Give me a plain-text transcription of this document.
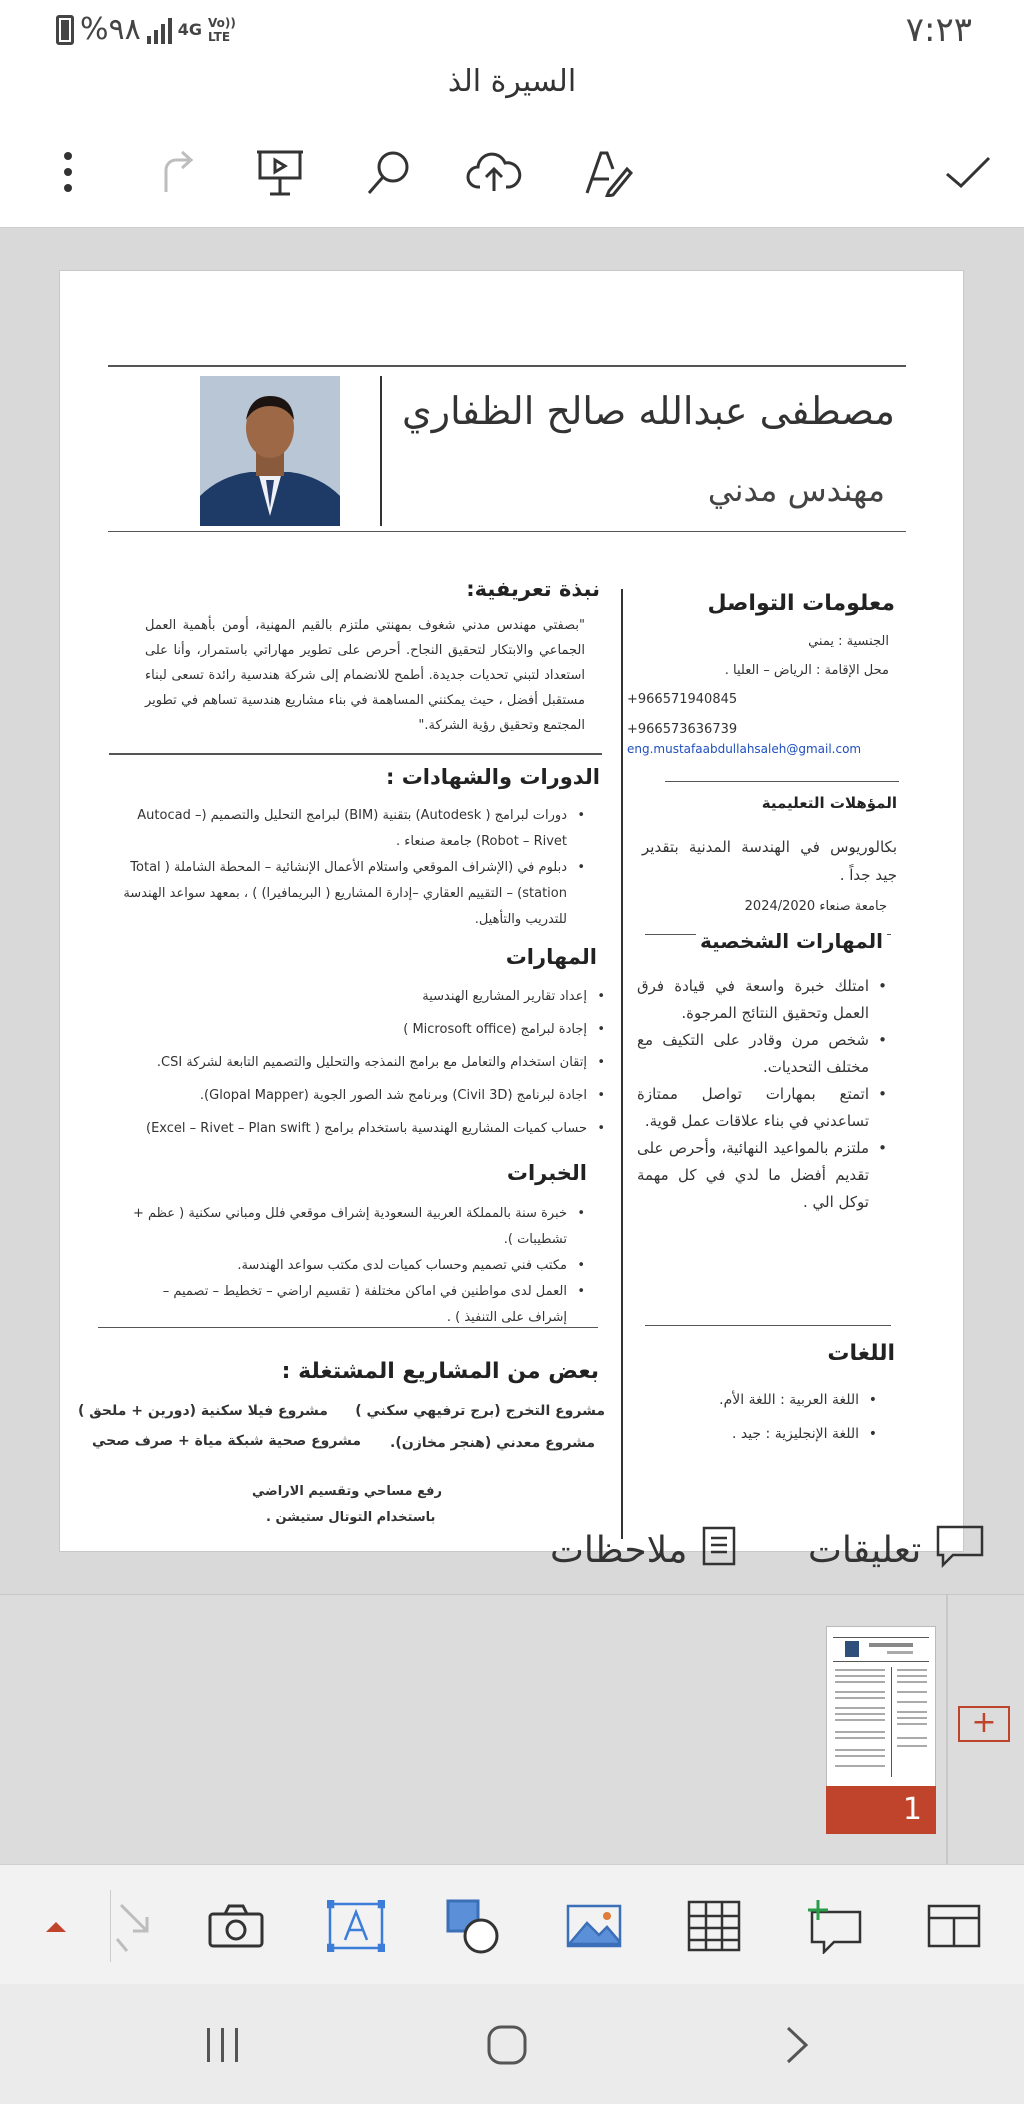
%٩٨ 4G Vo)) LTE	٧:٢٣
السيرة الذ
مصطفى عبدالله صالح الظفاري
مهندس مدني
معلومات التواصل
الجنسية : يمني
محل الإقامة : الرياض – العليا .
+966571940845
+966573636739
eng.mustafaabdullahsaleh@gmail.com
المؤهلات التعليمية
بكالوريوس في الهندسة المدنية بتقدير جيد جداً .
جامعة صنعاء 2024/2020
المهارات الشخصية
• امتلك خبرة واسعة في قيادة فرق العمل وتحقيق النتائج المرجوة.
• شخص مرن وقادر على التكيف مع مختلف التحديات.
• اتمتع بمهارات تواصل ممتازة تساعدني في بناء علاقات عمل قوية.
• ملتزم بالمواعيد النهائية، وأحرص على تقديم أفضل ما لدي في كل مهمة توكل الي .
اللغات
• اللغة العربية : اللغة الأم.
• اللغة الإنجليزية : جيد .
نبذة تعريفية:
"بصفتي مهندس مدني شغوف بمهنتي ملتزم بالقيم المهنية، أومن بأهمية العمل الجماعي والابتكار لتحقيق النجاح. أحرص على تطوير مهاراتي باستمرار، وأنا على استعداد لتبني تحديات جديدة. أطمح للانضمام إلى شركة هندسية رائدة تسعى لبناء مستقبل أفضل ، حيث يمكنني المساهمة في بناء مشاريع هندسية تساهم في تطوير المجتمع وتحقيق رؤية الشركة."
الدورات والشهادات :
• دورات لبرامج ( Autodesk) بتقنية (BIM) لبرامج التحليل والتصميم (Autocad – Robot – Rivet) جامعة صنعاء .
• دبلوم في (الإشراف الموقعي واستلام الأعمال الإنشائية – المحطة الشاملة ( Total station) – التقييم العقاري –إدارة المشاريع ( البريمافيرا) ) ، بمعهد سواعد الهندسة للتدريب والتأهيل.
المهارات
• إعداد تقارير المشاريع الهندسية
• إجادة لبرامج (Microsoft office )
• إتقان استخدام والتعامل مع برامج النمذجه والتحليل والتصميم التابعة لشركة CSI.
• اجادة لبرنامج (Civil 3D) وبرنامج شد الصور الجوية (Glopal Mapper).
• حساب كميات المشاريع الهندسية باستخدام برامج ( Excel – Rivet – Plan swift)
الخبرات
• خبرة سنة بالمملكة العربية السعودية إشراف موقعي فلل ومباني سكنية ( عظم + تشطيبات ).
• مكتب فني تصميم وحساب كميات لدى مكتب سواعد الهندسة.
• العمل لدى مواطنين في اماكن مختلفة ( تقسيم اراضي – تخطيط – تصميم – إشراف على التنفيذ ) .
بعض من المشاريع المشتغلة :
مشروع التخرج (برج ترفيهي سكني )
مشروع معدني (هنجر مخازن).
مشروع فيلا سكنية (دورين + ملحق )
مشروع صحية شبكة مياة + صرف صحي
رفع مساحي وتقسيم الاراضي
باستخدام التوتال ستيشن .
ملاحظات	تعليقات
1
+
